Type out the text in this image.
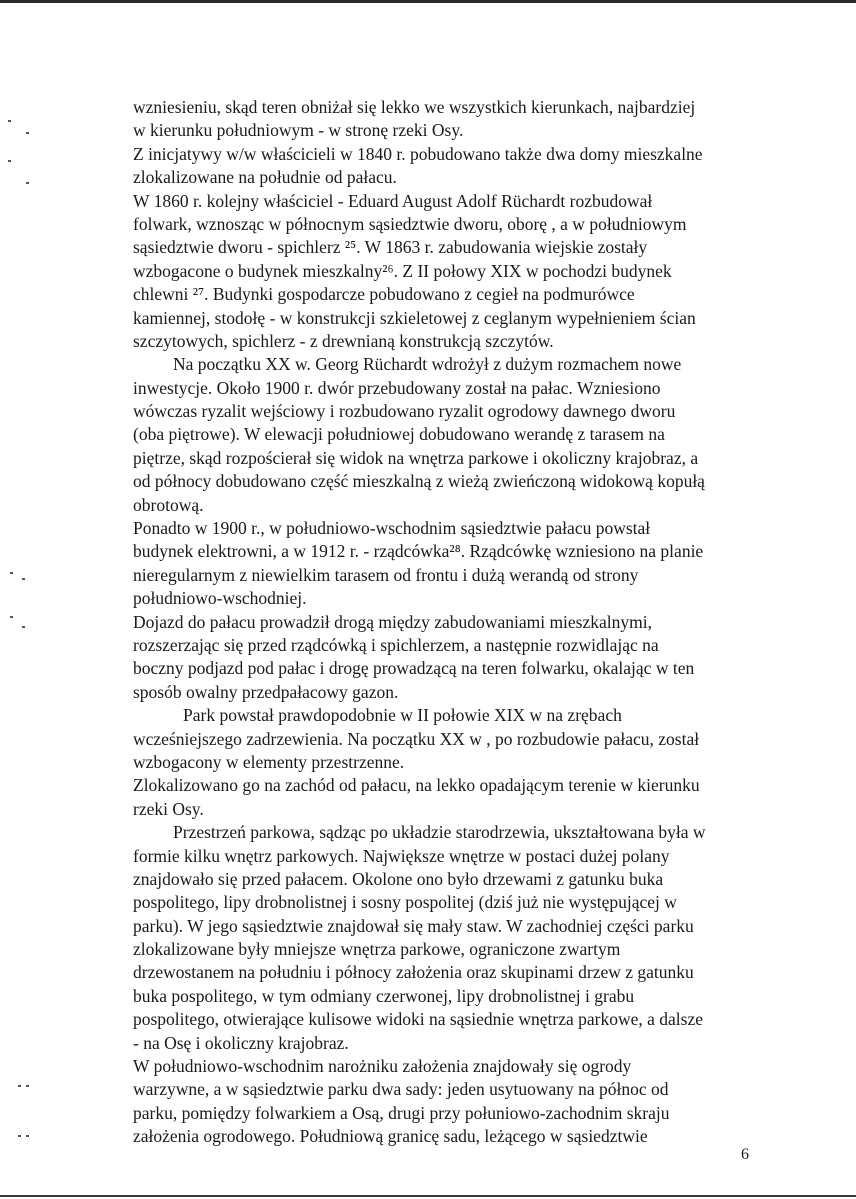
wzniesieniu, skąd teren obniżał się lekko we wszystkich kierunkach, najbardziej
w kierunku południowym - w stronę rzeki Osy.
Z inicjatywy w/w właścicieli w 1840 r. pobudowano także dwa domy mieszkalne
zlokalizowane na południe od pałacu.
W 1860 r. kolejny właściciel - Eduard August Adolf Rüchardt rozbudował
folwark, wznosząc w północnym sąsiedztwie dworu, oborę , a w południowym
sąsiedztwie dworu - spichlerz ²⁵. W 1863 r. zabudowania wiejskie zostały
wzbogacone o budynek mieszkalny²⁶. Z II połowy XIX w pochodzi budynek
chlewni ²⁷. Budynki gospodarcze pobudowano z cegieł na podmurówce
kamiennej, stodołę - w konstrukcji szkieletowej z ceglanym wypełnieniem ścian
szczytowych, spichlerz - z drewnianą konstrukcją szczytów.
Na początku XX w. Georg Rüchardt wdrożył z dużym rozmachem nowe
inwestycje. Około 1900 r. dwór przebudowany został na pałac. Wzniesiono
wówczas ryzalit wejściowy i rozbudowano ryzalit ogrodowy dawnego dworu
(oba piętrowe). W elewacji południowej dobudowano werandę z tarasem na
piętrze, skąd rozpościerał się widok na wnętrza parkowe i okoliczny krajobraz, a
od północy dobudowano część mieszkalną z wieżą zwieńczoną widokową kopułą
obrotową.
Ponadto w 1900 r., w południowo-wschodnim sąsiedztwie pałacu powstał
budynek elektrowni, a w 1912 r. - rządcówka²⁸. Rządcówkę wzniesiono na planie
nieregularnym z niewielkim tarasem od frontu i dużą werandą od strony
południowo-wschodniej.
Dojazd do pałacu prowadził drogą między zabudowaniami mieszkalnymi,
rozszerzając się przed rządcówką i spichlerzem, a następnie rozwidlając na
boczny podjazd pod pałac i drogę prowadzącą na teren folwarku, okalając w ten
sposób owalny przedpałacowy gazon.
Park powstał prawdopodobnie w II połowie XIX w na zrębach
wcześniejszego zadrzewienia. Na początku XX w , po rozbudowie pałacu, został
wzbogacony w elementy przestrzenne.
Zlokalizowano go na zachód od pałacu, na lekko opadającym terenie w kierunku
rzeki Osy.
Przestrzeń parkowa, sądząc po układzie starodrzewia, ukształtowana była w
formie kilku wnętrz parkowych. Największe wnętrze w postaci dużej polany
znajdowało się przed pałacem. Okolone ono było drzewami z gatunku buka
pospolitego, lipy drobnolistnej i sosny pospolitej (dziś już nie występującej w
parku). W jego sąsiedztwie znajdował się mały staw. W zachodniej części parku
zlokalizowane były mniejsze wnętrza parkowe, ograniczone zwartym
drzewostanem na południu i północy założenia oraz skupinami drzew z gatunku
buka pospolitego, w tym odmiany czerwonej, lipy drobnolistnej i grabu
pospolitego, otwierające kulisowe widoki na sąsiednie wnętrza parkowe, a dalsze
- na Osę i okoliczny krajobraz.
W południowo-wschodnim narożniku założenia znajdowały się ogrody
warzywne, a w sąsiedztwie parku dwa sady: jeden usytuowany na północ od
parku, pomiędzy folwarkiem a Osą, drugi przy połuniowo-zachodnim skraju
założenia ogrodowego. Południową granicę sadu, leżącego w sąsiedztwie
6
